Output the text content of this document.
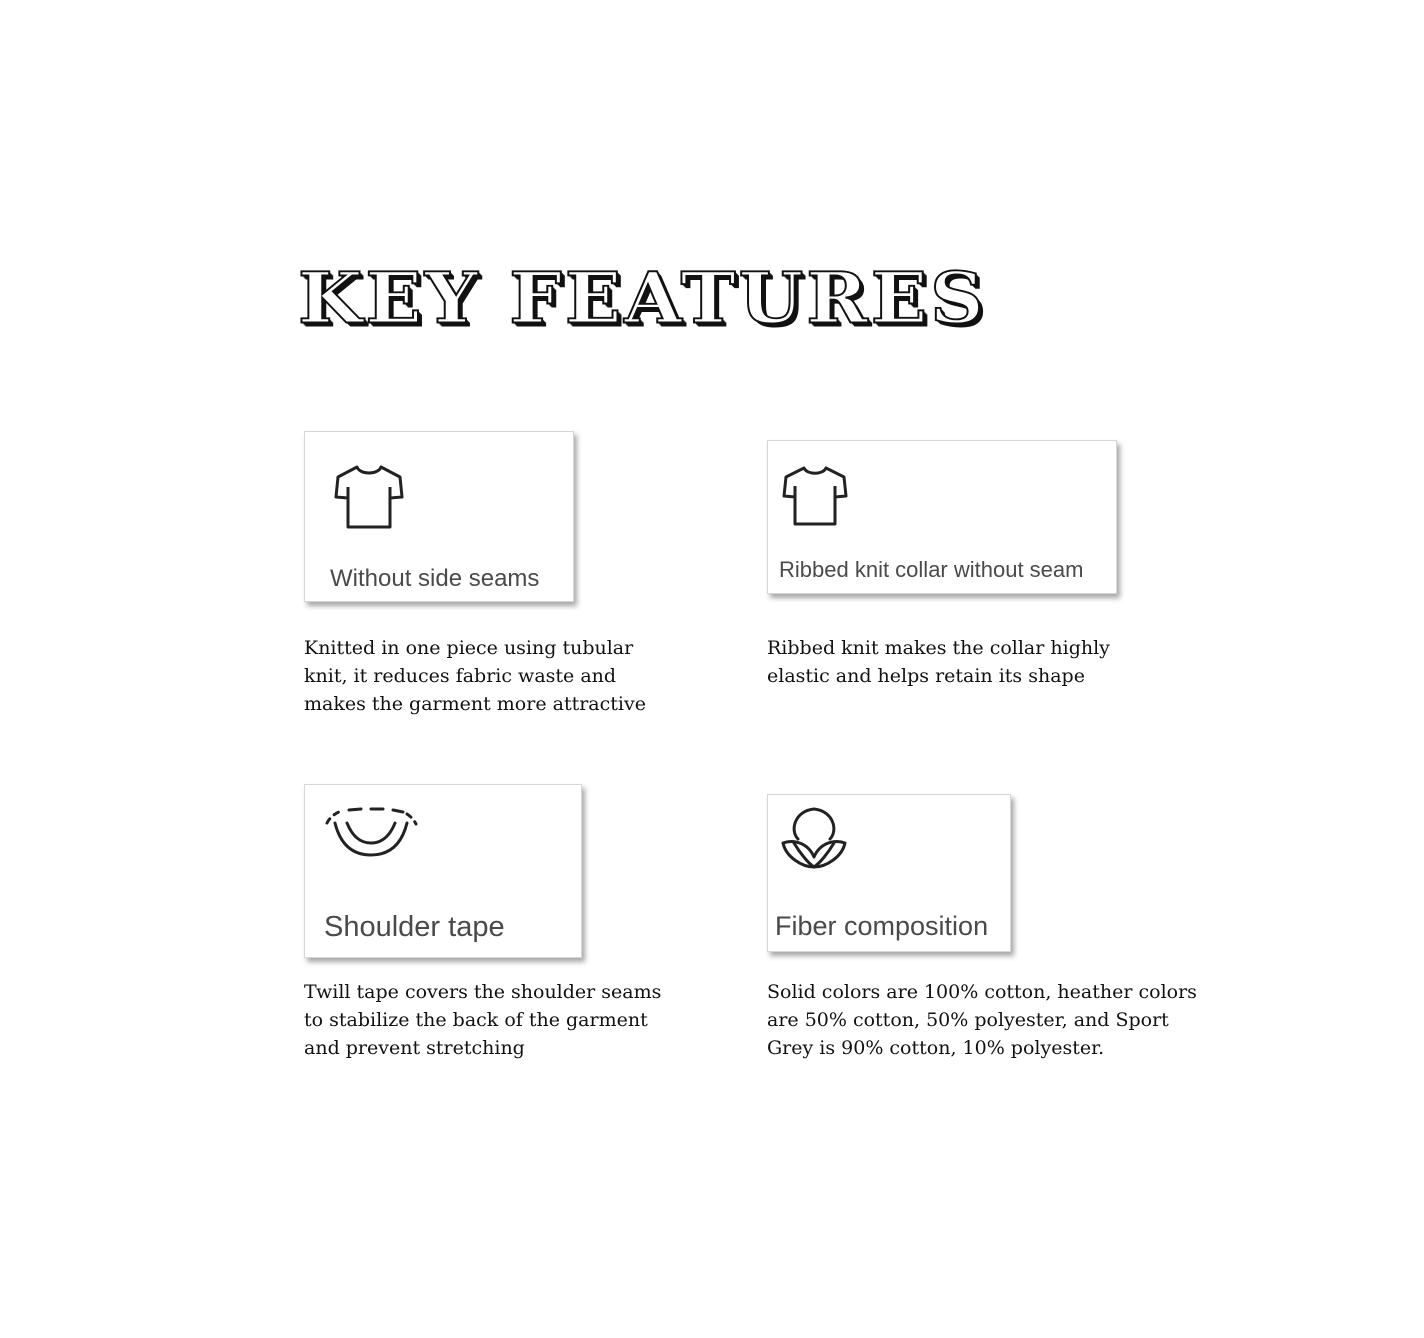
KEY FEATURES
Without side seams

Knitted in one piece using tubular
knit, it reduces fabric waste and
makes the garment more attractive

Ribbed knit collar without seam

Ribbed knit makes the collar highly
elastic and helps retain its shape

Shoulder tape

Twill tape covers the shoulder seams
to stabilize the back of the garment
and prevent stretching

Fiber composition

Solid colors are 100% cotton, heather colors
are 50% cotton, 50% polyester, and Sport
Grey is 90% cotton, 10% polyester.
